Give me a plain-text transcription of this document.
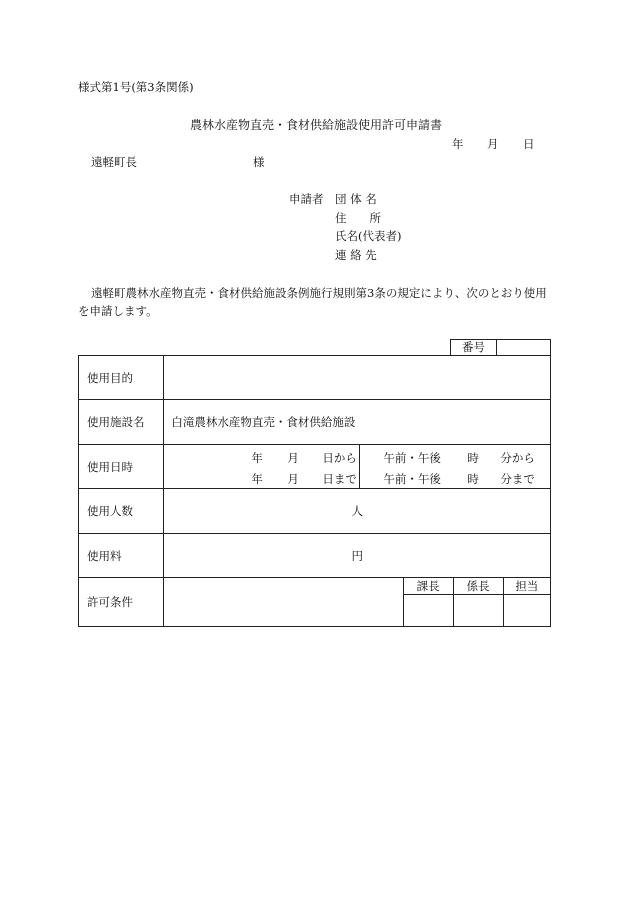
様式第1号(第3条関係)
農林水産物直売・食材供給施設使用許可申請書
年 月 日
遠軽町長	様
申請者 団 体 名
住　　所
氏名(代表者)
連 絡 先
遠軽町農林水産物直売・食材供給施設条例施行規則第3条の規定により、次のとおり使用
を申請します。
番号
使用目的	
使用施設名	白滝農林水産物直売・食材供給施設
使用日時	
年 月 日から 午前・午後 時 分から
年 月 日まで 午前・午後 時 分まで

使用人数	人
使用料	円
許可条件		
課長	係長	担当
